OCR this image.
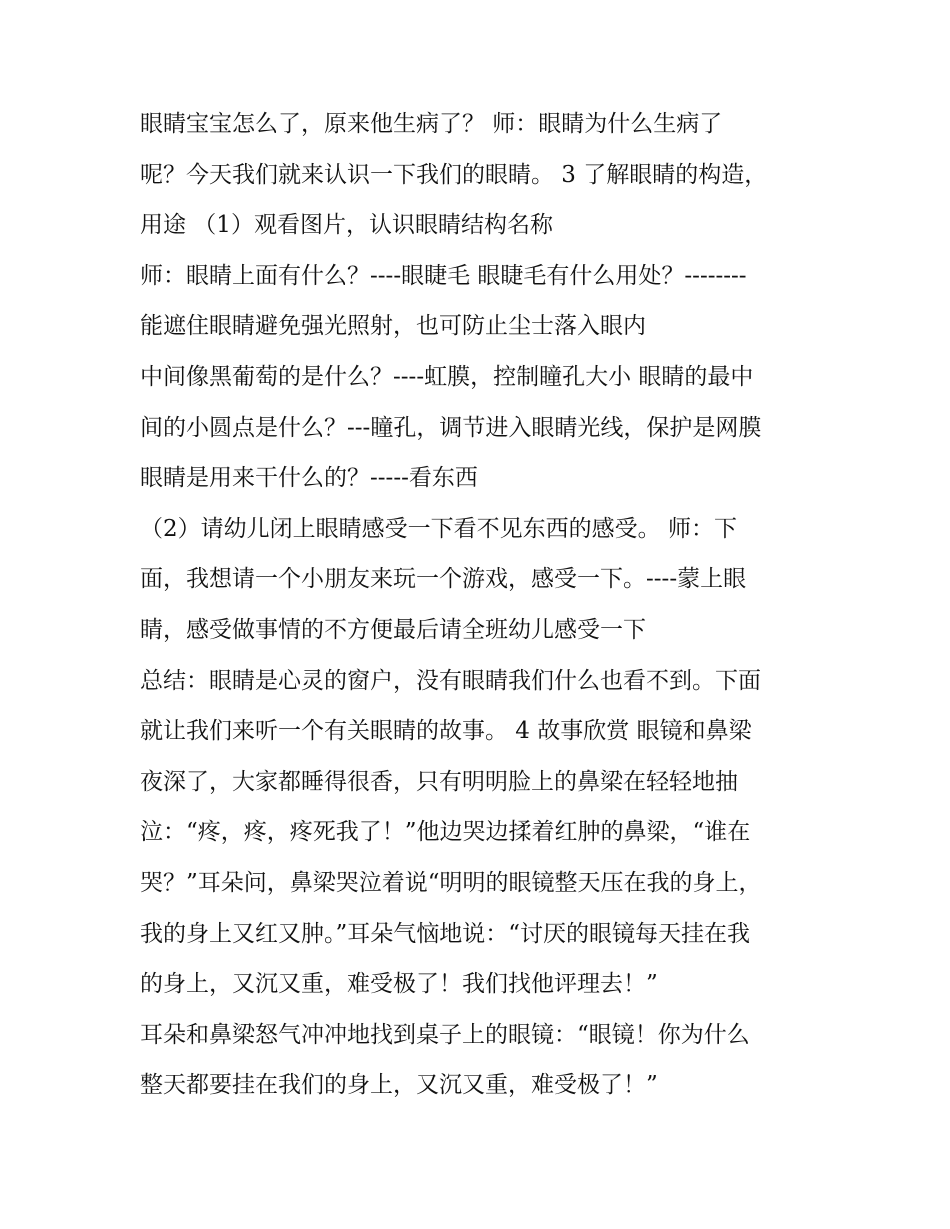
眼睛宝宝怎么了，原来他生病了？ 师：眼睛为什么生病了

呢？今天我们就来认识一下我们的眼睛。 3 了解眼睛的构造，

用途 （1）观看图片，认识眼睛结构名称

师：眼睛上面有什么？----眼睫毛 眼睫毛有什么用处？--------

能遮住眼睛避免强光照射，也可防止尘士落入眼内

中间像黑葡萄的是什么？----虹膜，控制瞳孔大小 眼睛的最中

间的小圆点是什么？---瞳孔，调节进入眼睛光线，保护是网膜

眼睛是用来干什么的？-----看东西

（2）请幼儿闭上眼睛感受一下看不见东西的感受。 师：下

面，我想请一个小朋友来玩一个游戏，感受一下。----蒙上眼

睛，感受做事情的不方便最后请全班幼儿感受一下

总结：眼睛是心灵的窗户，没有眼睛我们什么也看不到。下面

就让我们来听一个有关眼睛的故事。 4 故事欣赏 眼镜和鼻梁

夜深了，大家都睡得很香，只有明明脸上的鼻梁在轻轻地抽

泣：“疼，疼，疼死我了！”他边哭边揉着红肿的鼻梁，“谁在

哭？”耳朵问，鼻梁哭泣着说“明明的眼镜整天压在我的身上，

我的身上又红又肿。”耳朵气恼地说：“讨厌的眼镜每天挂在我

的身上，又沉又重，难受极了！我们找他评理去！”

耳朵和鼻梁怒气冲冲地找到桌子上的眼镜：“眼镜！你为什么

整天都要挂在我们的身上，又沉又重，难受极了！”
